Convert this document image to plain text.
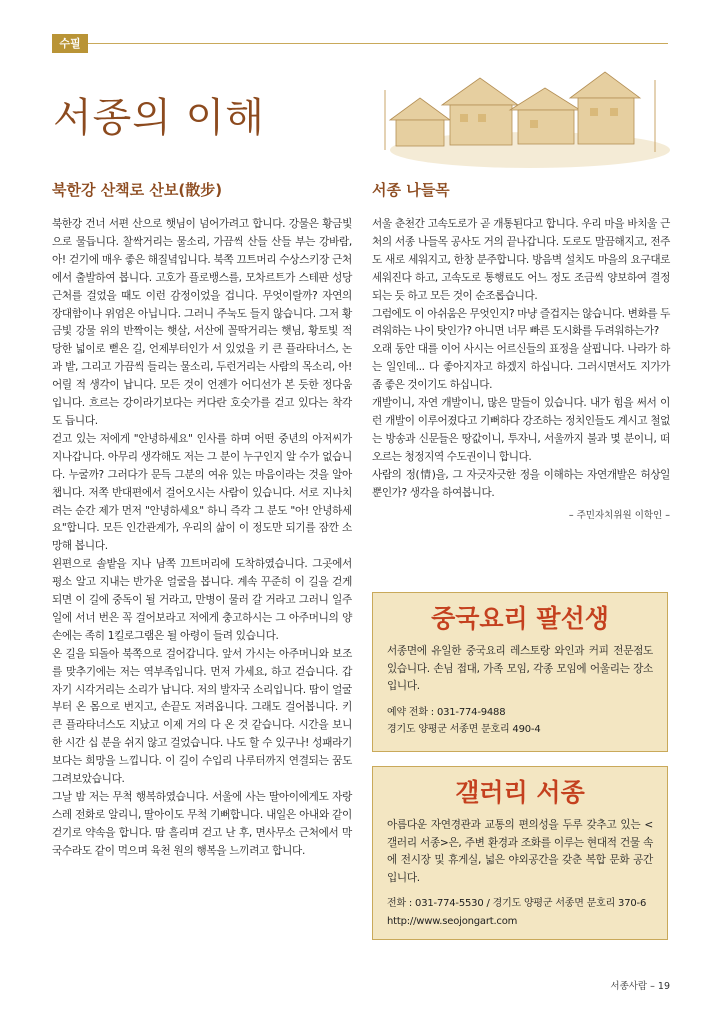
수필
서종의 이해
북한강 산책로 산보(散步)

북한강 건너 서편 산으로 햇님이 넘어가려고 합니다. 강물은 황금빛으로 물듭니다. 찰싹거리는 물소리, 가끔씩 산들 산들 부는 강바람, 아! 걷기에 매우 좋은 해질녘입니다. 북쪽 끄트머리 수상스키장 근처에서 출발하여 봅니다. 고호가 플로뱅스를, 모차르트가 스테판 성당 근처를 걸었을 때도 이런 감정이었을 겁니다. 무엇이랄까? 자연의 장대함이나 위엄은 아닙니다. 그러니 주눅도 들지 않습니다. 그저 황금빛 강물 위의 반짝이는 햇살, 서산에 꼴딱거리는 햇님, 황토빛 적당한 넓이로 뻗은 길, 언제부터인가 서 있었을 키 큰 플라타너스, 논과 밭, 그리고 가끔씩 들리는 물소리, 두런거리는 사람의 목소리, 아! 어릴 적 생각이 납니다. 모든 것이 언젠가 어디선가 본 듯한 정다움입니다. 흐르는 강이라기보다는 커다란 호숫가를 걷고 있다는 착각도 듭니다.

걷고 있는 저에게 "안녕하세요" 인사를 하며 어떤 중년의 아저씨가 지나갑니다. 아무리 생각해도 저는 그 분이 누구인지 알 수가 없습니다. 누굴까? 그러다가 문득 그분의 여유 있는 마음이라는 것을 알아챕니다. 저쪽 반대편에서 걸어오시는 사람이 있습니다. 서로 지나치려는 순간 제가 먼저 "안녕하세요" 하니 즉각 그 분도 "아! 안녕하세요"합니다. 모든 인간관계가, 우리의 삶이 이 정도만 되기를 잠깐 소망해 봅니다.

왼편으로 솔밭을 지나 남쪽 끄트머리에 도착하였습니다. 그곳에서 평소 알고 지내는 반가운 얼굴을 봅니다. 계속 꾸준히 이 길을 걷게 되면 이 길에 중독이 될 거라고, 만병이 물러 갈 거라고 그러니 일주일에 서너 번은 꼭 걸어보라고 저에게 충고하시는 그 아주머니의 양손에는 족히 1킬로그램은 될 아령이 들려 있습니다.

온 길을 되돌아 북쪽으로 걸어갑니다. 앞서 가시는 아주머니와 보조를 맞추기에는 저는 역부족입니다. 먼저 가세요, 하고 걷습니다. 갑자기 시각거리는 소리가 납니다. 저의 발자국 소리입니다. 땀이 얼굴부터 온 몸으로 번지고, 손끝도 저려옵니다. 그래도 걸어봅니다. 키 큰 플라타너스도 지났고 이제 거의 다 온 것 같습니다. 시간을 보니 한 시간 십 분을 쉬지 않고 걸었습니다. 나도 할 수 있구나! 성패라기보다는 희망을 느낍니다. 이 길이 수입리 나루터까지 연결되는 꿈도 그려보았습니다.

그날 밤 저는 무척 행복하였습니다. 서울에 사는 딸아이에게도 자랑스레 전화로 알리니, 딸아이도 무척 기뻐합니다. 내일은 아내와 같이 걷기로 약속을 합니다. 땀 흘리며 걷고 난 후, 면사무소 근처에서 막국수라도 같이 먹으며 육천 원의 행복을 느끼려고 합니다.

서종 나들목

서울 춘천간 고속도로가 곧 개통된다고 합니다. 우리 마을 바치울 근처의 서종 나들목 공사도 거의 끝나갑니다. 도로도 말끔해지고, 전주도 새로 세워지고, 한창 분주합니다. 방음벽 설치도 마을의 요구대로 세워진다 하고, 고속도로 통행료도 어느 정도 조금씩 양보하여 결정되는 듯 하고 모든 것이 순조롭습니다.

그럼에도 이 아쉬움은 무엇인지? 마냥 즐겁지는 않습니다. 변화를 두려워하는 나이 탓인가? 아니면 너무 빠른 도시화를 두려워하는가?

오래 동안 대를 이어 사시는 어르신들의 표정을 살핍니다. 나라가 하는 일인데... 다 좋아지자고 하겠지 하십니다. 그러시면서도 지가가 좀 좋은 것이기도 하십니다.

개발이니, 자연 개발이니, 많은 말들이 있습니다. 내가 힘을 써서 이런 개발이 이루어졌다고 기뻐하다 강조하는 정치인들도 계시고 철없는 방송과 신문들은 땅값이니, 투자니, 서울까지 불과 몇 분이니, 떠오르는 청정지역 수도권이니 합니다.

사람의 정(情)을, 그 자긋자긋한 정을 이해하는 자연개발은 허상일 뿐인가? 생각을 하여봅니다.

– 주민자치위원 이학인 –

중국요리 팔선생

서종면에 유일한 중국요리 레스토랑 와인과 커피 전문점도 있습니다. 손님 접대, 가족 모임, 각종 모임에 어울리는 장소입니다.

예약 전화 : 031-774-9488
경기도 양평군 서종면 문호리 490-4
갤러리 서종

아름다운 자연경관과 교통의 편의성을 두루 갖추고 있는 <갤러리 서종>은, 주변 환경과 조화를 이루는 현대적 건물 속에 전시장 및 휴게실, 넓은 야외공간을 갖춘 복합 문화 공간입니다.

전화 : 031-774-5530 / 경기도 양평군 서종면 문호리 370-6
http://www.seojongart.com
서종사람 – 19
